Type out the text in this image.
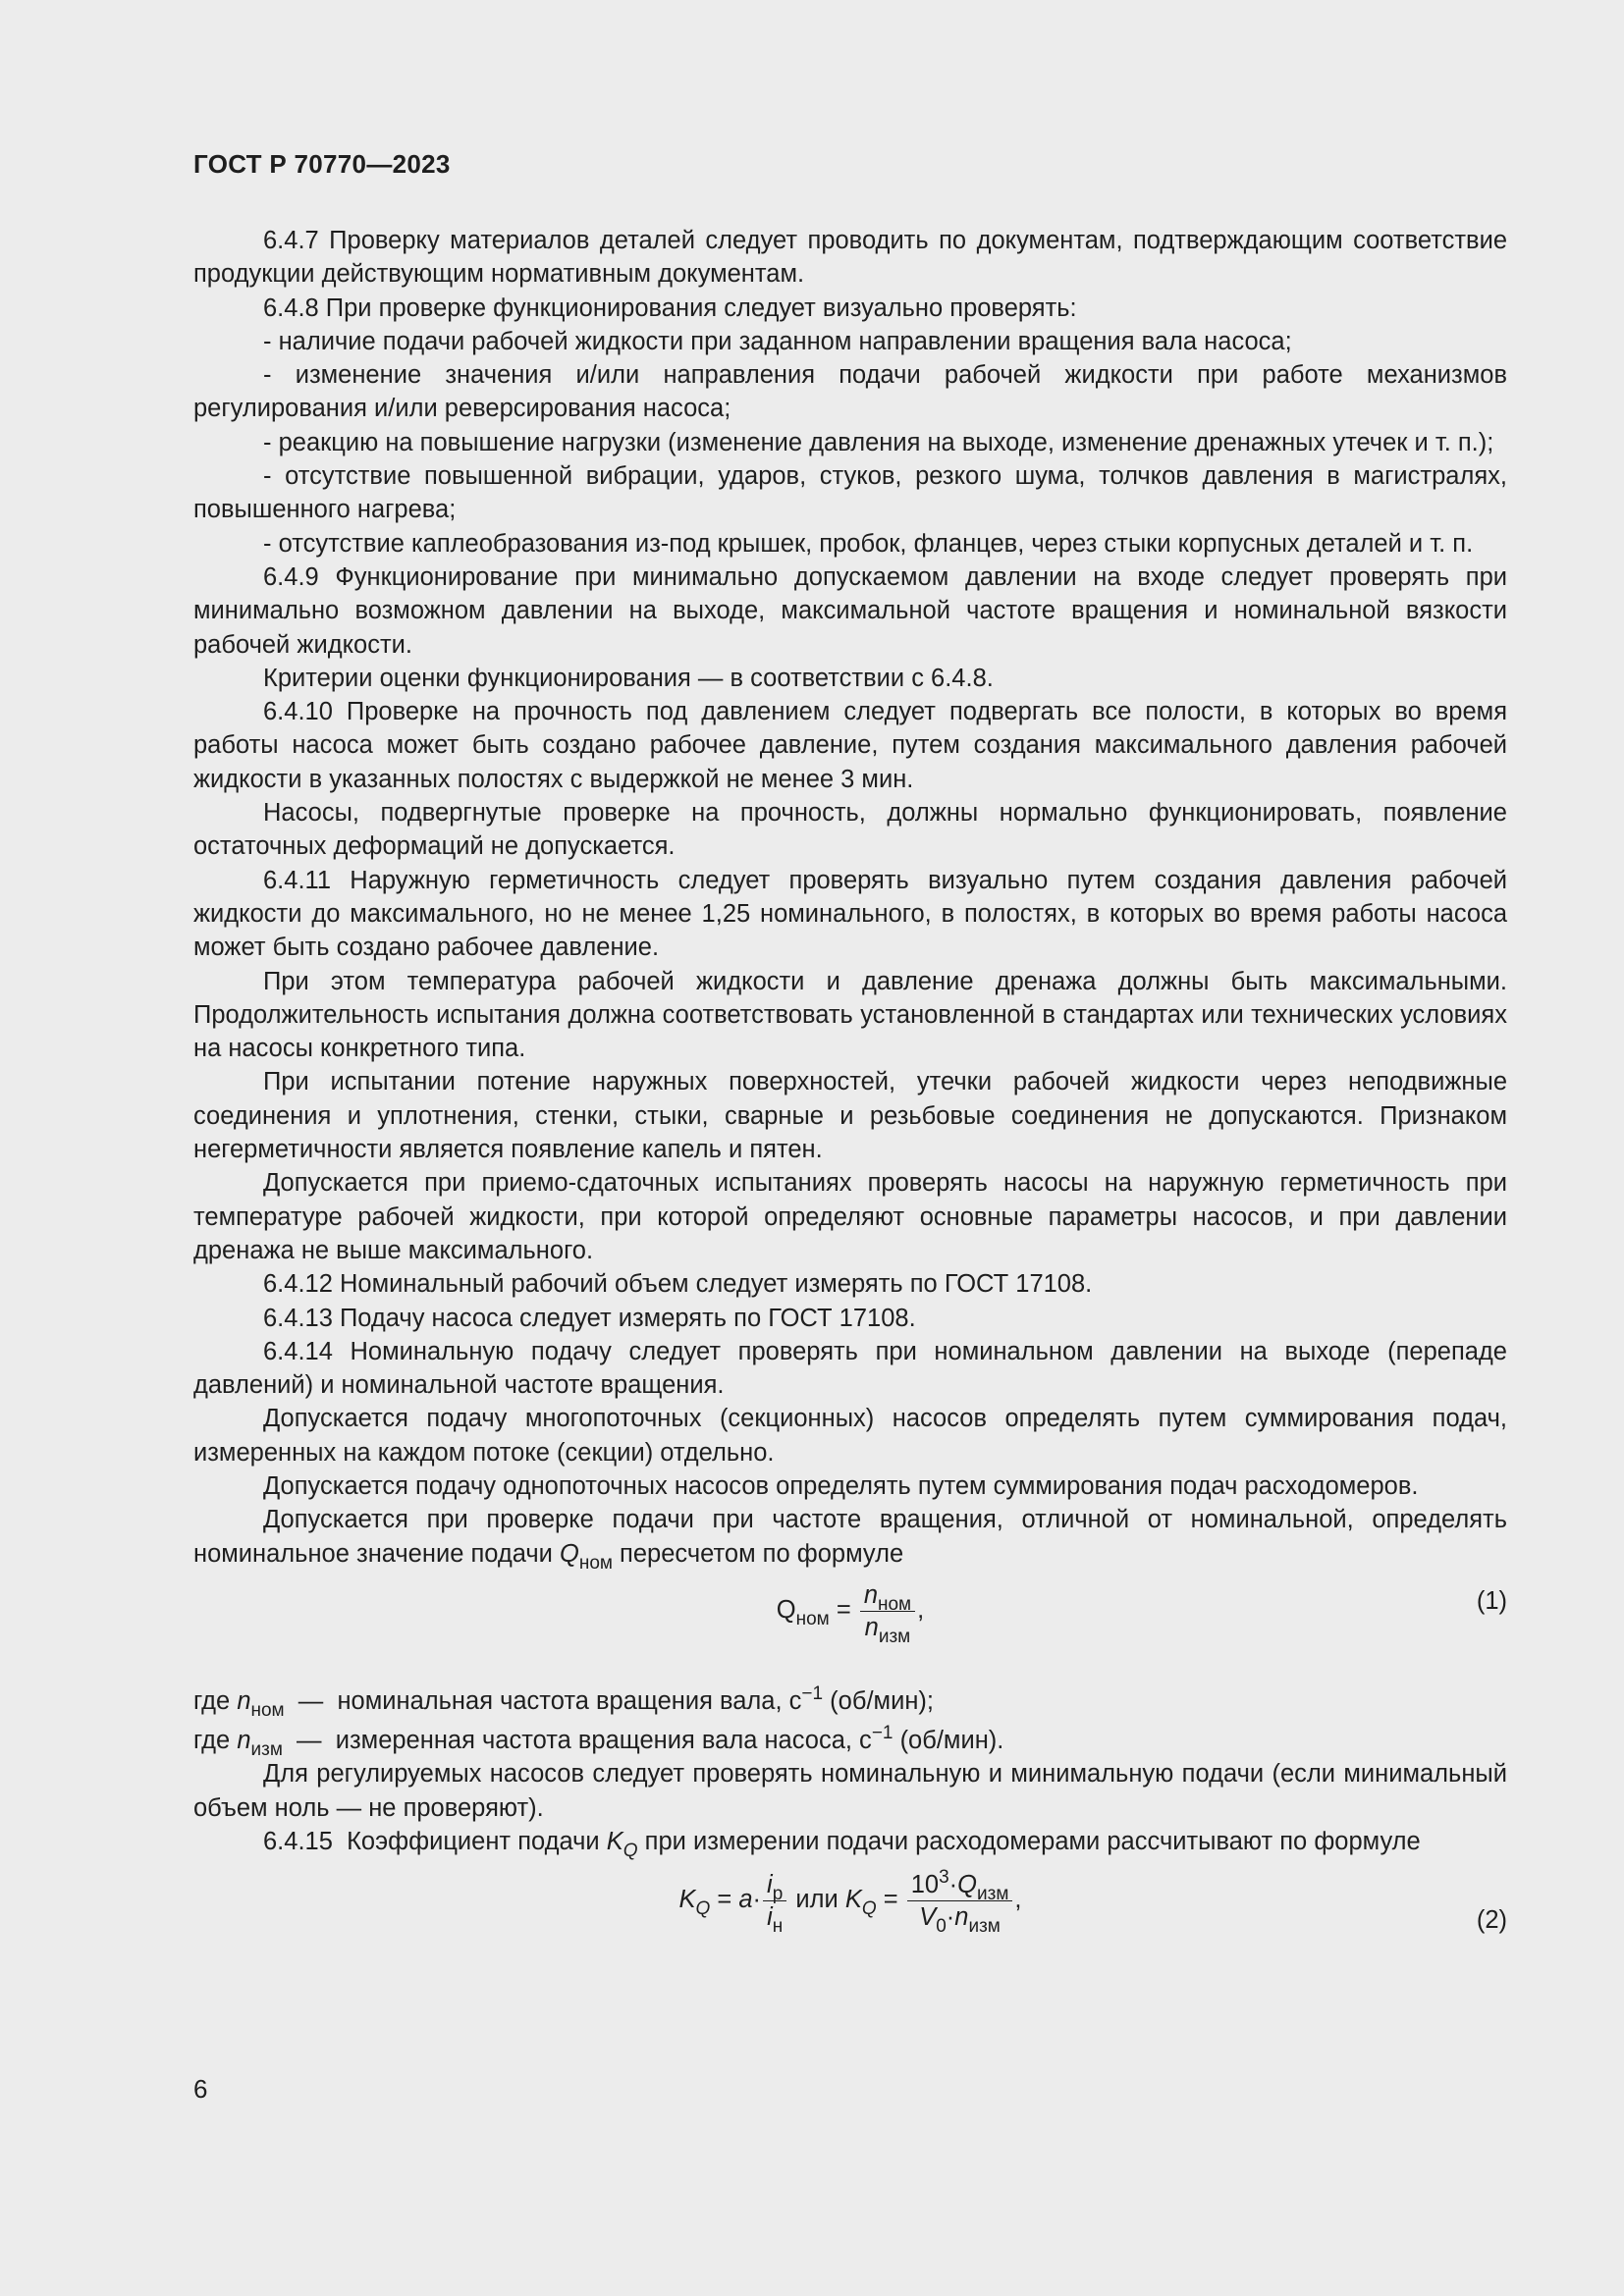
ГОСТ Р 70770—2023

6.4.7 Проверку материалов деталей следует проводить по документам, подтверждающим соответствие продукции действующим нормативным документам.

6.4.8 При проверке функционирования следует визуально проверять:

- наличие подачи рабочей жидкости при заданном направлении вращения вала насоса;

- изменение значения и/или направления подачи рабочей жидкости при работе механизмов регулирования и/или реверсирования насоса;

- реакцию на повышение нагрузки (изменение давления на выходе, изменение дренажных утечек и т. п.);

- отсутствие повышенной вибрации, ударов, стуков, резкого шума, толчков давления в магистралях, повышенного нагрева;

- отсутствие каплеобразования из-под крышек, пробок, фланцев, через стыки корпусных деталей и т. п.

6.4.9 Функционирование при минимально допускаемом давлении на входе следует проверять при минимально возможном давлении на выходе, максимальной частоте вращения и номинальной вязкости рабочей жидкости.

Критерии оценки функционирования — в соответствии с 6.4.8.

6.4.10 Проверке на прочность под давлением следует подвергать все полости, в которых во время работы насоса может быть создано рабочее давление, путем создания максимального давления рабочей жидкости в указанных полостях с выдержкой не менее 3 мин.

Насосы, подвергнутые проверке на прочность, должны нормально функционировать, появление остаточных деформаций не допускается.

6.4.11 Наружную герметичность следует проверять визуально путем создания давления рабочей жидкости до максимального, но не менее 1,25 номинального, в полостях, в которых во время работы насоса может быть создано рабочее давление.

При этом температура рабочей жидкости и давление дренажа должны быть максимальными. Продолжительность испытания должна соответствовать установленной в стандартах или технических условиях на насосы конкретного типа.

При испытании потение наружных поверхностей, утечки рабочей жидкости через неподвижные соединения и уплотнения, стенки, стыки, сварные и резьбовые соединения не допускаются. Признаком негерметичности является появление капель и пятен.

Допускается при приемо-сдаточных испытаниях проверять насосы на наружную герметичность при температуре рабочей жидкости, при которой определяют основные параметры насосов, и при давлении дренажа не выше максимального.

6.4.12 Номинальный рабочий объем следует измерять по ГОСТ 17108.

6.4.13 Подачу насоса следует измерять по ГОСТ 17108.

6.4.14 Номинальную подачу следует проверять при номинальном давлении на выходе (перепаде давлений) и номинальной частоте вращения.

Допускается подачу многопоточных (секционных) насосов определять путем суммирования подач, измеренных на каждом потоке (секции) отдельно.

Допускается подачу однопоточных насосов определять путем суммирования подач расходомеров.

Допускается при проверке подачи при частоте вращения, отличной от номинальной, определять номинальное значение подачи $Q_{ном}$ пересчетом по формуле

$Q_{ном} = \frac{n_{ном}}{n_{изм}}$ ,	(1)

где $n_{ном}$  —  номинальная частота вращения вала, $с^{-1}$ (об/мин);

где $n_{изм}$  —  измеренная частота вращения вала насоса, $с^{-1}$ (об/мин).

Для регулируемых насосов следует проверять номинальную и минимальную подачи (если минимальный объем ноль — не проверяют).

6.4.15  Коэффициент подачи $K_Q$ при измерении подачи расходомерами рассчитывают по формуле

$K_Q = a\cdot \frac{i_р}{i_н}$ или $K_Q = \frac{10^3\cdot Q_{изм}}{V_0\cdot n_{изм}}$ ,
(2)
6
